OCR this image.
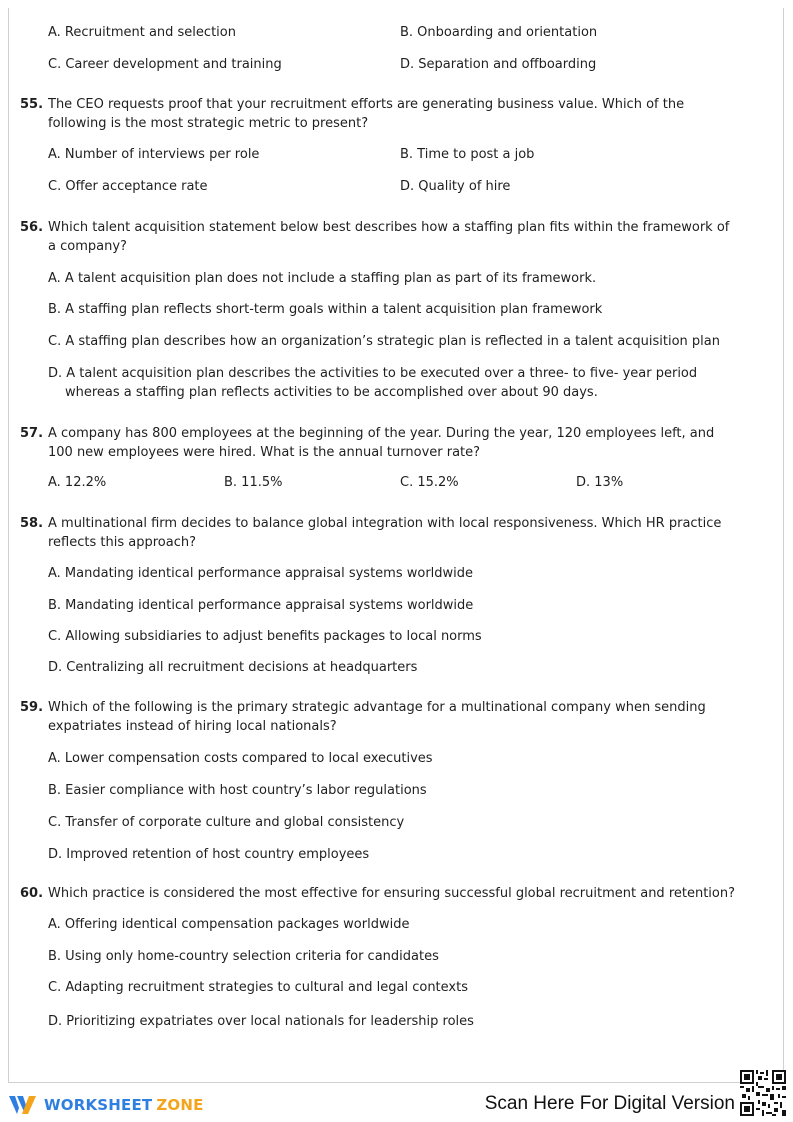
A. Recruitment and selection	B. Onboarding and orientation
C. Career development and training	D. Separation and offboarding
55. The CEO requests proof that your recruitment efforts are generating business value. Which of the following is the most strategic metric to present?
A. Number of interviews per role	B. Time to post a job
C. Offer acceptance rate	D. Quality of hire
56. Which talent acquisition statement below best describes how a staffing plan fits within the framework of a company?
A. A talent acquisition plan does not include a staffing plan as part of its framework.
B. A staffing plan reflects short-term goals within a talent acquisition plan framework
C. A staffing plan describes how an organization’s strategic plan is reflected in a talent acquisition plan
D. A talent acquisition plan describes the activities to be executed over a three- to five- year period whereas a staffing plan reflects activities to be accomplished over about 90 days.
57. A company has 800 employees at the beginning of the year. During the year, 120 employees left, and 100 new employees were hired. What is the annual turnover rate?
A. 12.2%	B. 11.5%	C. 15.2%	D. 13%
58. A multinational firm decides to balance global integration with local responsiveness. Which HR practice reflects this approach?
A. Mandating identical performance appraisal systems worldwide
B. Mandating identical performance appraisal systems worldwide
C. Allowing subsidiaries to adjust benefits packages to local norms
D. Centralizing all recruitment decisions at headquarters
59. Which of the following is the primary strategic advantage for a multinational company when sending expatriates instead of hiring local nationals?
A. Lower compensation costs compared to local executives
B. Easier compliance with host country’s labor regulations
C. Transfer of corporate culture and global consistency
D. Improved retention of host country employees
60. Which practice is considered the most effective for ensuring successful global recruitment and retention?
A. Offering identical compensation packages worldwide
B. Using only home-country selection criteria for candidates
C. Adapting recruitment strategies to cultural and legal contexts
D. Prioritizing expatriates over local nationals for leadership roles
WORKSHEET ZONE	Scan Here For Digital Version
